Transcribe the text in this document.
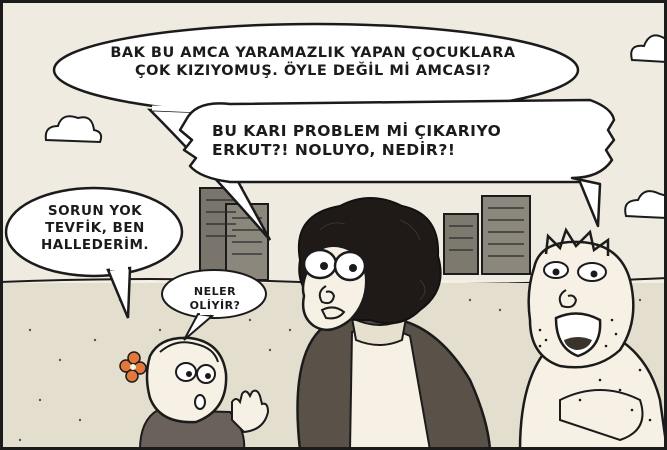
BAK BU AMCA YARAMAZLIK YAPAN ÇOCUKLARA
ÇOK KIZIYOMUŞ. ÖYLE DEĞİL Mİ AMCASI?
BU KARI PROBLEM Mİ ÇIKARIYO
ERKUT?! NOLUYO, NEDİR?!
SORUN YOK
TEVFİK, BEN
HALLEDERİM.
NELER
OLİYİR?
